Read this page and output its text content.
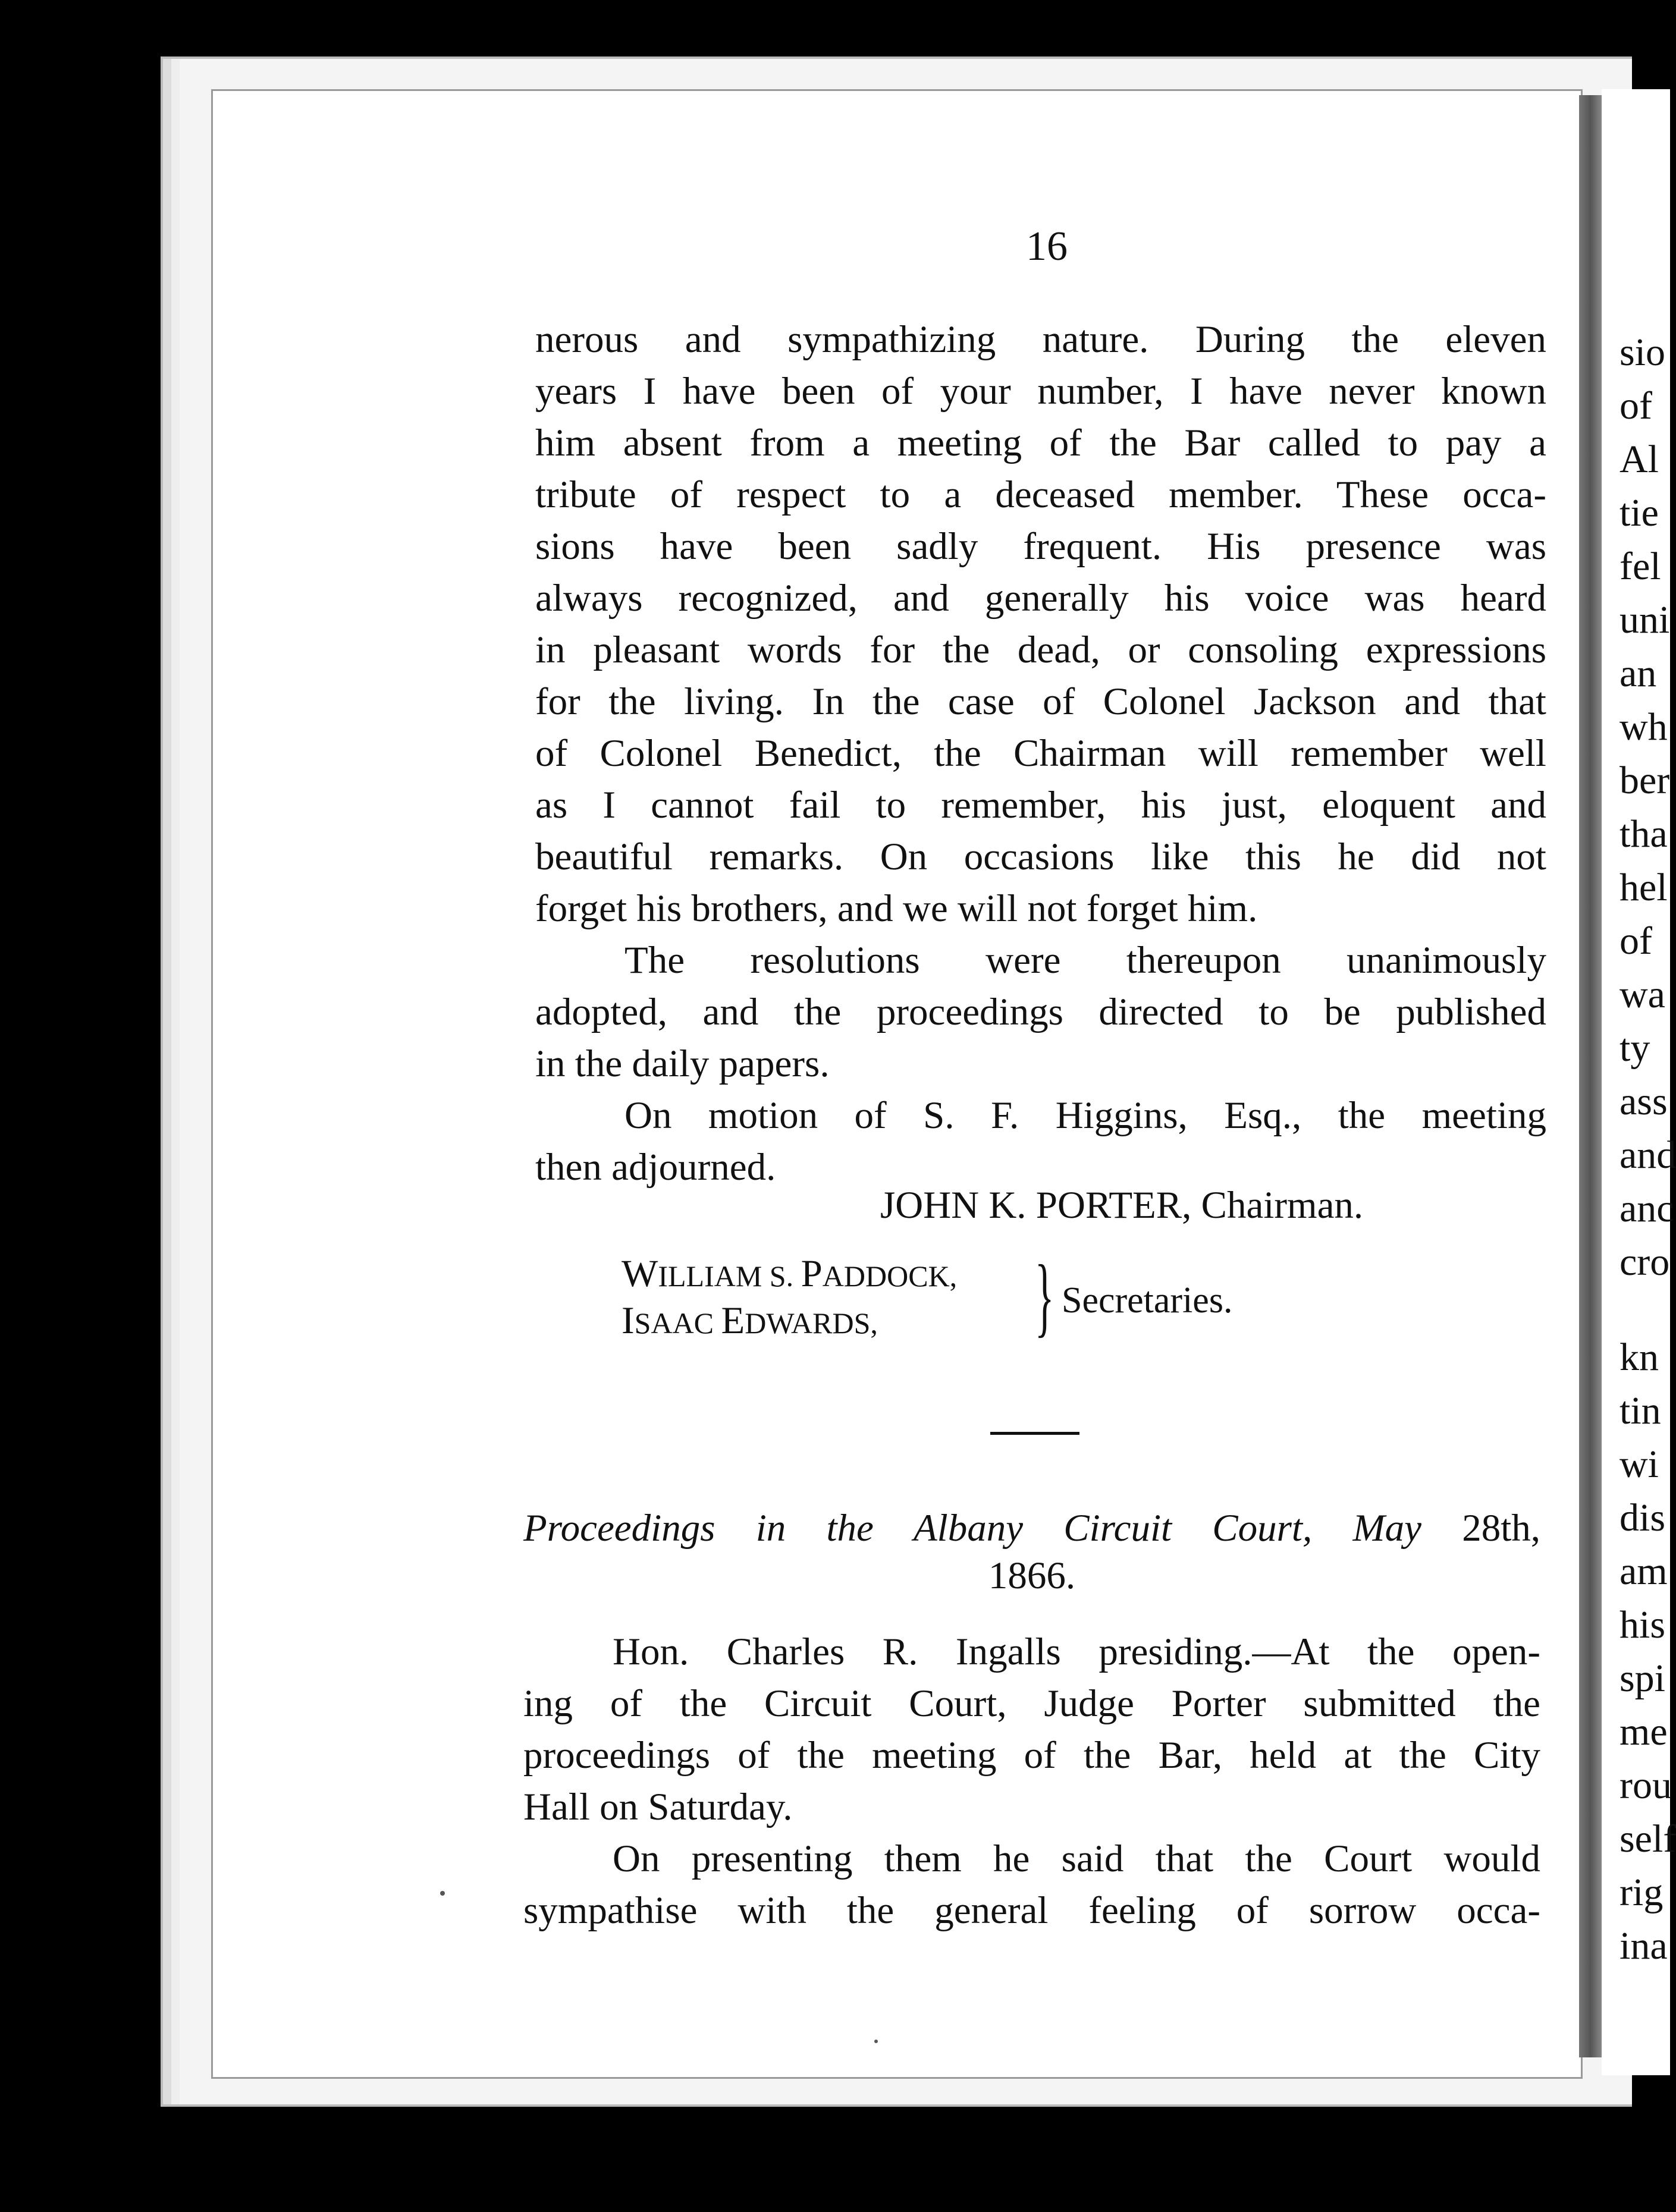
sio
of
Al
tie
fel
uni
an
wh
ber
tha
hel
of
wa
ty
ass
and
anc
cro
kn
tin
wi
dis
am
his
spi
me
rou
self
rig
ina
16
nerous and sympathizing nature. During the eleven
years I have been of your number, I have never known
him absent from a meeting of the Bar called to pay a
tribute of respect to a deceased member. These occa-
sions have been sadly frequent. His presence was
always recognized, and generally his voice was heard
in pleasant words for the dead, or consoling expressions
for the living. In the case of Colonel Jackson and that
of Colonel Benedict, the Chairman will remember well
as I cannot fail to remember, his just, eloquent and
beautiful remarks. On occasions like this he did not
forget his brothers, and we will not forget him.
The resolutions were thereupon unanimously
adopted, and the proceedings directed to be published
in the daily papers.
On motion of S. F. Higgins, Esq., the meeting
then adjourned.
JOHN K. PORTER, Chairman.
WILLIAM S. PADDOCK,
ISAAC EDWARDS,	} Secretaries.
Proceedings in the Albany Circuit Court, May 28th,
1866.
Hon. Charles R. Ingalls presiding.—At the open-
ing of the Circuit Court, Judge Porter submitted the
proceedings of the meeting of the Bar, held at the City
Hall on Saturday.
On presenting them he said that the Court would
sympathise with the general feeling of sorrow occa-
